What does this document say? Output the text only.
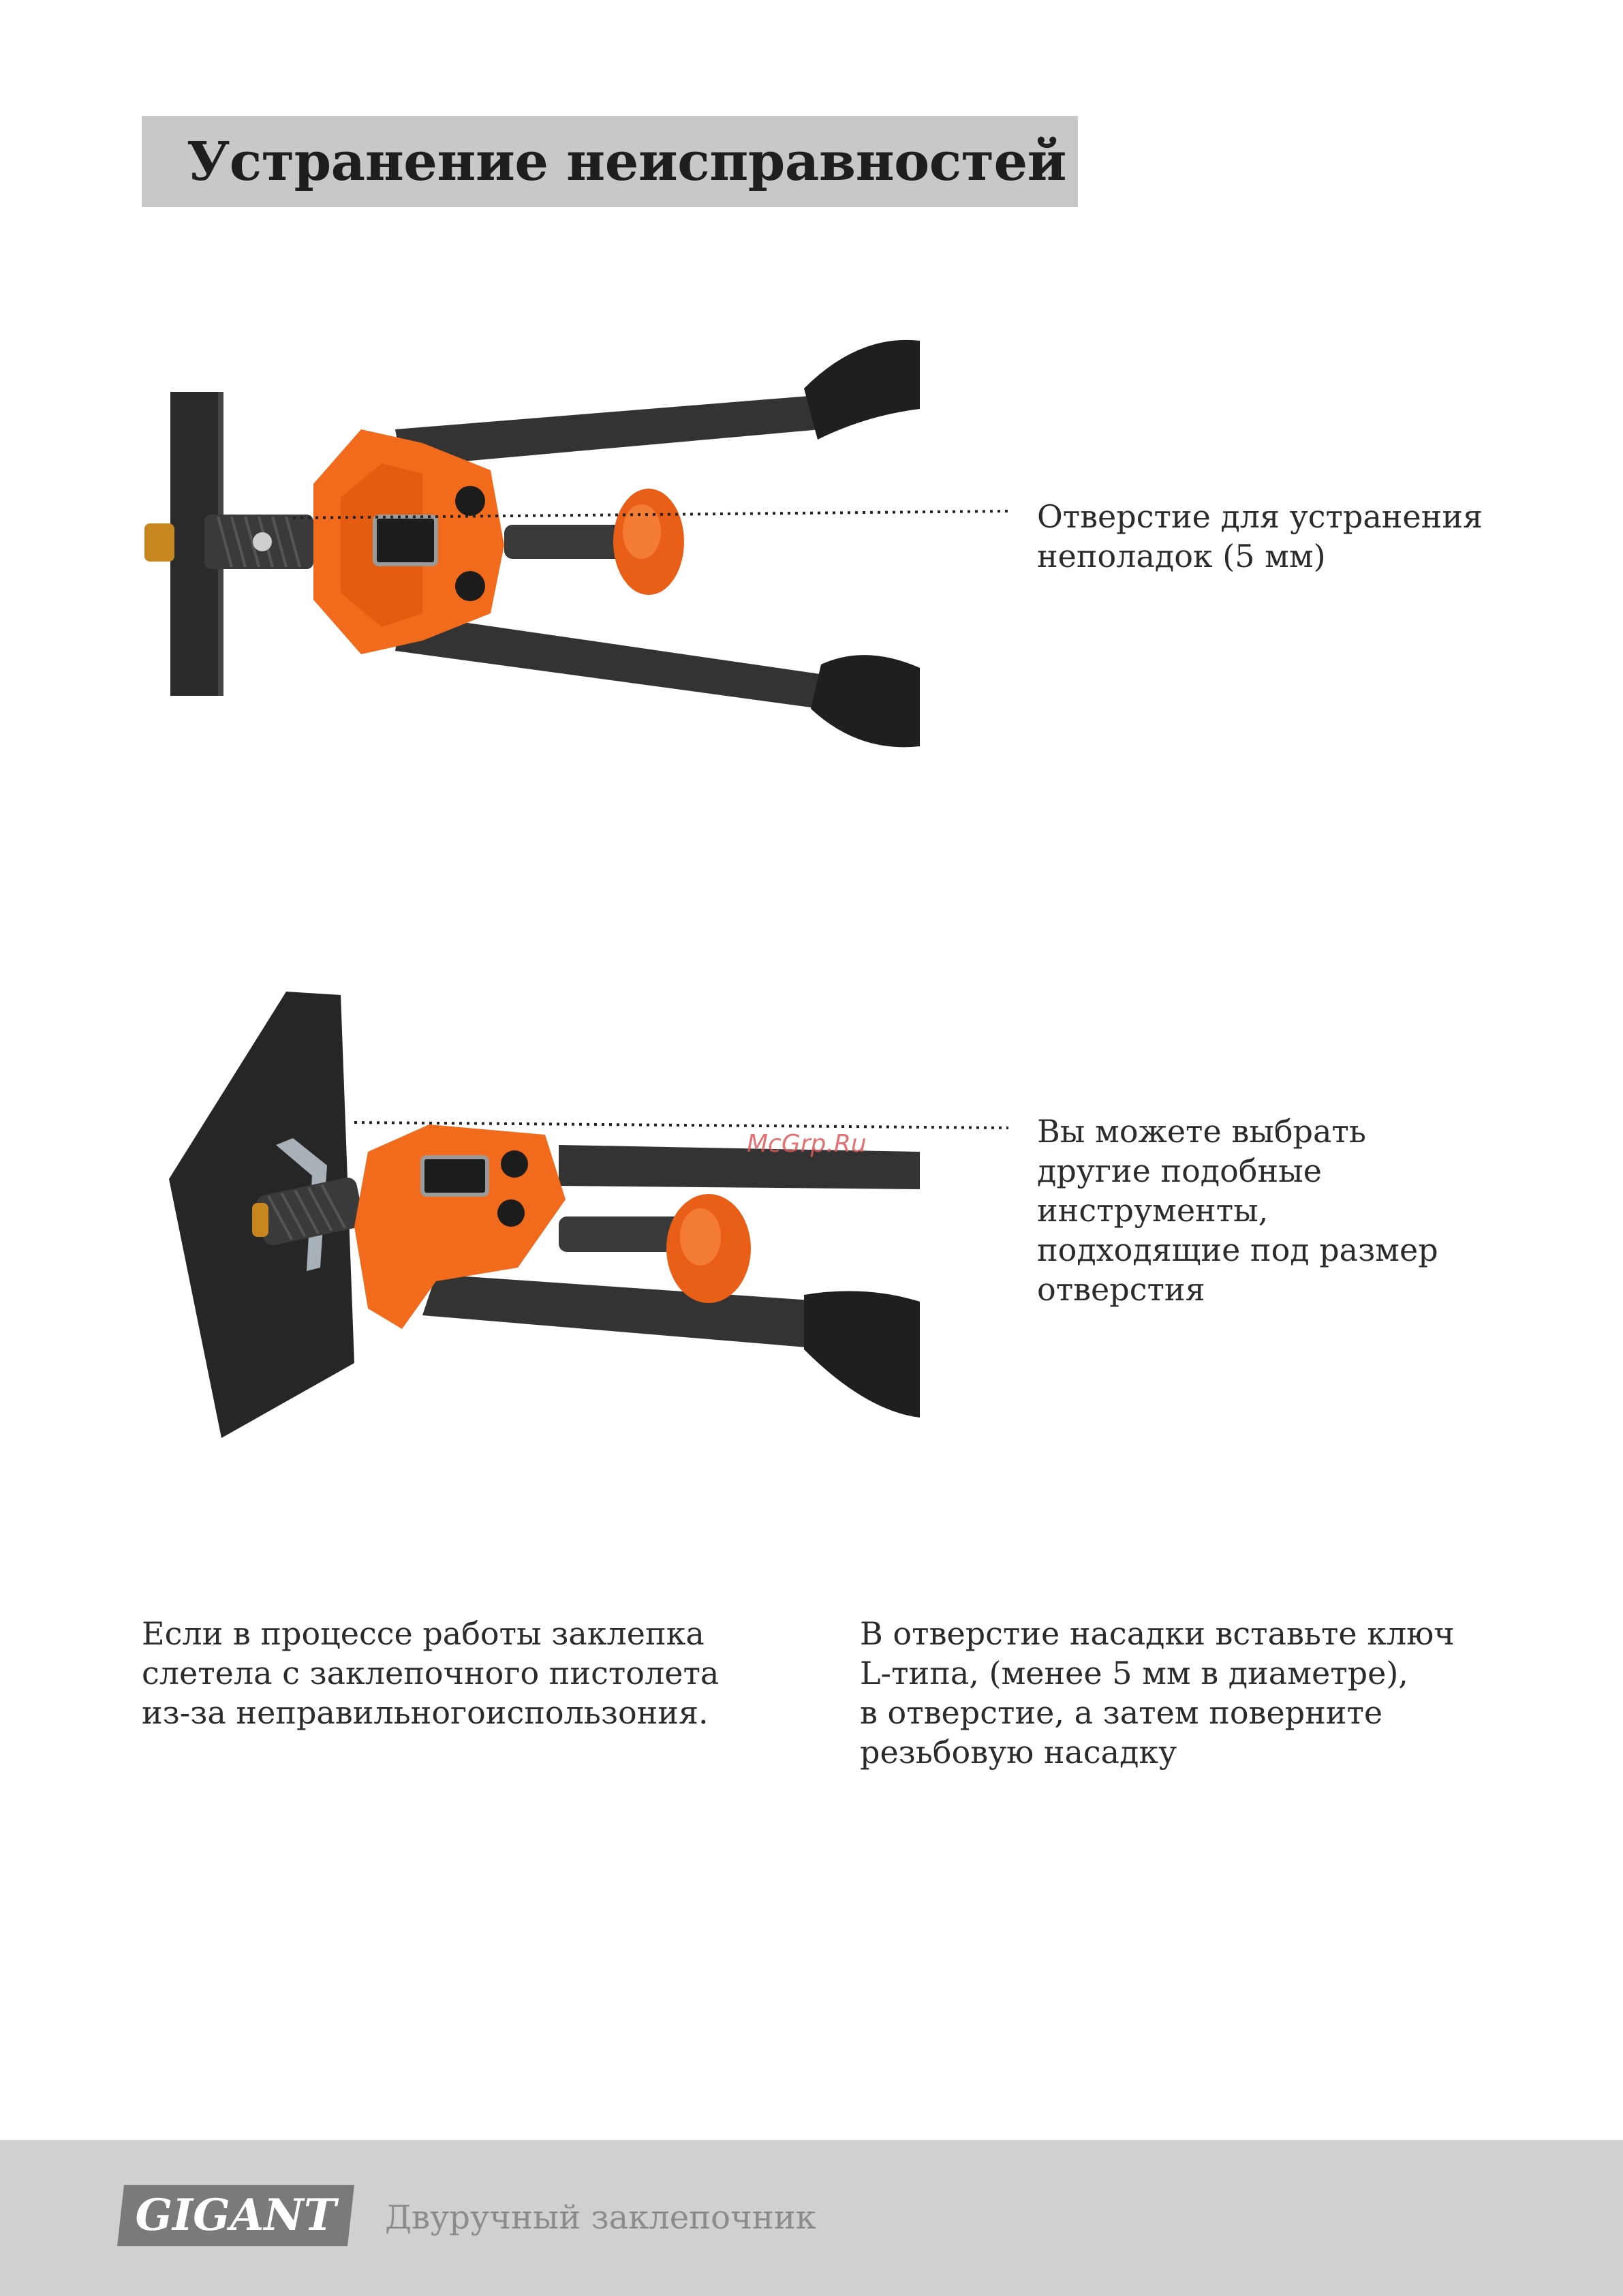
Устранение неисправностей
Отверстие для устранения
неполадок (5 мм)
McGrp.Ru	Вы можете выбрать
другие подобные
инструменты,
подходящие под размер
отверстия
Если в процессе работы заклепка
слетела с заклепочного пистолета
из-за неправильногоиспользония.
В отверстие насадки вставьте ключ
L-типа, (менее 5 мм в диаметре),
в отверстие, а затем поверните
резьбовую насадку
GIGANT Двуручный заклепочник
